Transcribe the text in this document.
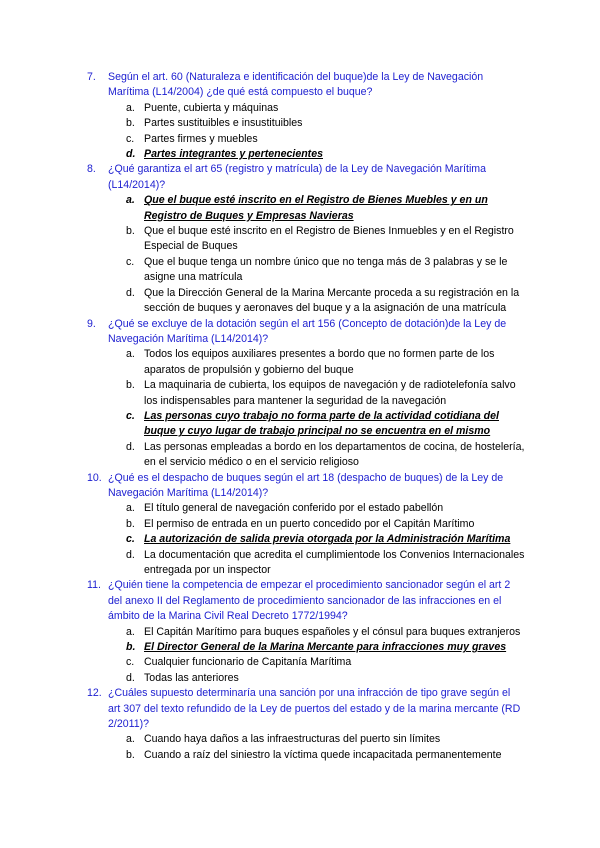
7. Según el art. 60 (Naturaleza e identificación del buque)de la Ley de Navegación Marítima (L14/2004) ¿de qué está compuesto el buque?
a. Puente, cubierta y máquinas
b. Partes sustituibles e insustituibles
c. Partes firmes y muebles
d. Partes integrantes y pertenecientes
8. ¿Qué garantiza el art 65 (registro y matrícula) de la Ley de Navegación Marítima (L14/2014)?
a. Que el buque esté inscrito en el Registro de Bienes Muebles y en un Registro de Buques y Empresas Navieras
b. Que el buque esté inscrito en el Registro de Bienes Inmuebles y en el Registro Especial de Buques
c. Que el buque tenga un nombre único que no tenga más de 3 palabras y se le asigne una matrícula
d. Que la Dirección General de la Marina Mercante proceda a su registración en la sección de buques y aeronaves del buque y a la asignación de una matrícula
9. ¿Qué se excluye de la dotación según el art 156 (Concepto de dotación)de la Ley de Navegación Marítima (L14/2014)?
a. Todos los equipos auxiliares presentes a bordo que no formen parte de los aparatos de propulsión y gobierno del buque
b. La maquinaria de cubierta, los equipos de navegación y de radiotelefonía salvo los indispensables para mantener la seguridad de la navegación
c. Las personas cuyo trabajo no forma parte de la actividad cotidiana del buque y cuyo lugar de trabajo principal no se encuentra en el mismo
d. Las personas empleadas a bordo en los departamentos de cocina, de hostelería, en el servicio médico o en el servicio religioso
10. ¿Qué es el despacho de buques según el art 18 (despacho de buques) de la Ley de Navegación Marítima (L14/2014)?
a. El título general de navegación conferido por el estado pabellón
b. El permiso de entrada en un puerto concedido por el Capitán Marítimo
c. La autorización de salida previa otorgada por la Administración Marítima
d. La documentación que acredita el cumplimientode los Convenios Internacionales entregada por un inspector
11. ¿Quién tiene la competencia de empezar el procedimiento sancionador según el art 2 del anexo II del Reglamento de procedimiento sancionador de las infracciones en el ámbito de la Marina Civil Real Decreto 1772/1994?
a. El Capitán Marítimo para buques españoles y el cónsul para buques extranjeros
b. El Director General de la Marina Mercante para infracciones muy graves
c. Cualquier funcionario de Capitanía Marítima
d. Todas las anteriores
12. ¿Cuáles supuesto determinaría una sanción por una infracción de tipo grave según el art 307 del texto refundido de la Ley de puertos del estado y de la marina mercante (RD 2/2011)?
a. Cuando haya daños a las infraestructuras del puerto sin límites
b. Cuando a raíz del siniestro la víctima quede incapacitada permanentemente
